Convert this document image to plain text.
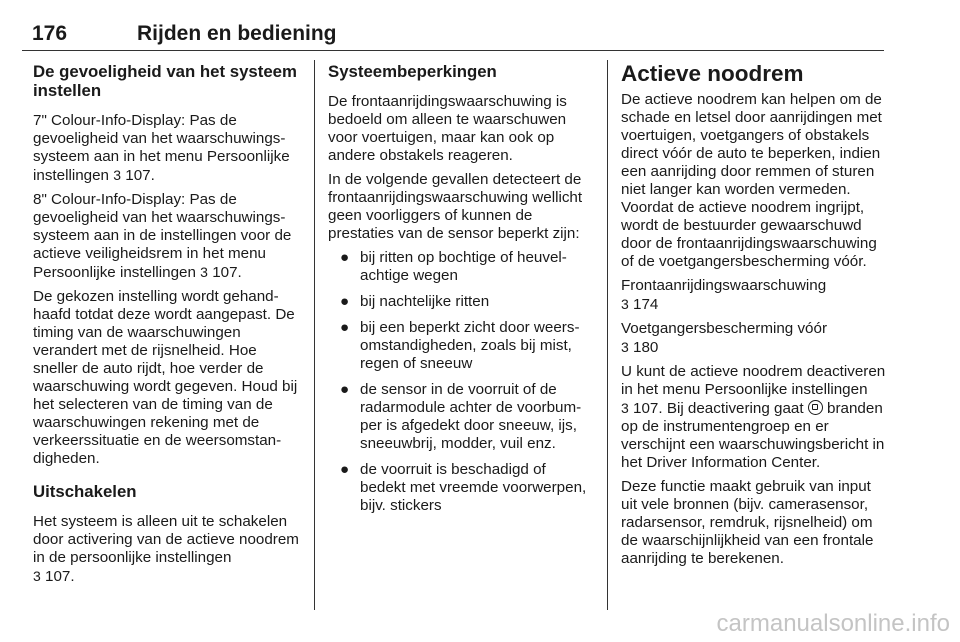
176	Rijden en bediening
De gevoeligheid van het systeem instellen

7" Colour-Info-Display: Pas de gevoeligheid van het waarschuwingssysteem aan in het menu Persoonlijke instellingen 3 107.

8" Colour-Info-Display: Pas de gevoeligheid van het waarschuwingssysteem aan in de instellingen voor de actieve veiligheidsrem in het menu Persoonlijke instellingen 3 107.

De gekozen instelling wordt gehandhaafd totdat deze wordt aangepast. De timing van de waarschuwingen verandert met de rijsnelheid. Hoe sneller de auto rijdt, hoe verder de waarschuwing wordt gegeven. Houd bij het selecteren van de timing van de waarschuwingen rekening met de verkeerssituatie en de weersomstandigheden.

Uitschakelen

Het systeem is alleen uit te schakelen door activering van de actieve noodrem in de persoonlijke instellingen
3 107.

Systeembeperkingen

De frontaanrijdingswaarschuwing is bedoeld om alleen te waarschuwen voor voertuigen, maar kan ook op andere obstakels reageren.

In de volgende gevallen detecteert de frontaanrijdingswaarschuwing wellicht geen voorliggers of kunnen de prestaties van de sensor beperkt zijn:

● bij ritten op bochtige of heuvelachtige wegen
● bij nachtelijke ritten
● bij een beperkt zicht door weersomstandigheden, zoals bij mist, regen of sneeuw
● de sensor in de voorruit of de radarmodule achter de voorbumper is afgedekt door sneeuw, ijs, sneeuwbrij, modder, vuil enz.
● de voorruit is beschadigd of bedekt met vreemde voorwerpen, bijv. stickers
Actieve noodrem

De actieve noodrem kan helpen om de schade en letsel door aanrijdingen met voertuigen, voetgangers of obstakels direct vóór de auto te beperken, indien een aanrijding door remmen of sturen niet langer kan worden vermeden. Voordat de actieve noodrem ingrijpt, wordt de bestuurder gewaarschuwd door de frontaanrijdingswaarschuwing of de voetgangersbescherming vóór.

Frontaanrijdingswaarschuwing
3 174

Voetgangersbescherming vóór
3 180

U kunt de actieve noodrem deactiveren in het menu Persoonlijke instellingen 3 107. Bij deactivering gaat  branden op de instrumentengroep en er verschijnt een waarschuwingsbericht in het Driver Information Center.

Deze functie maakt gebruik van input uit vele bronnen (bijv. camerasensor, radarsensor, remdruk, rijsnelheid) om de waarschijnlijkheid van een frontale aanrijding te berekenen.

carmanualsonline.info
